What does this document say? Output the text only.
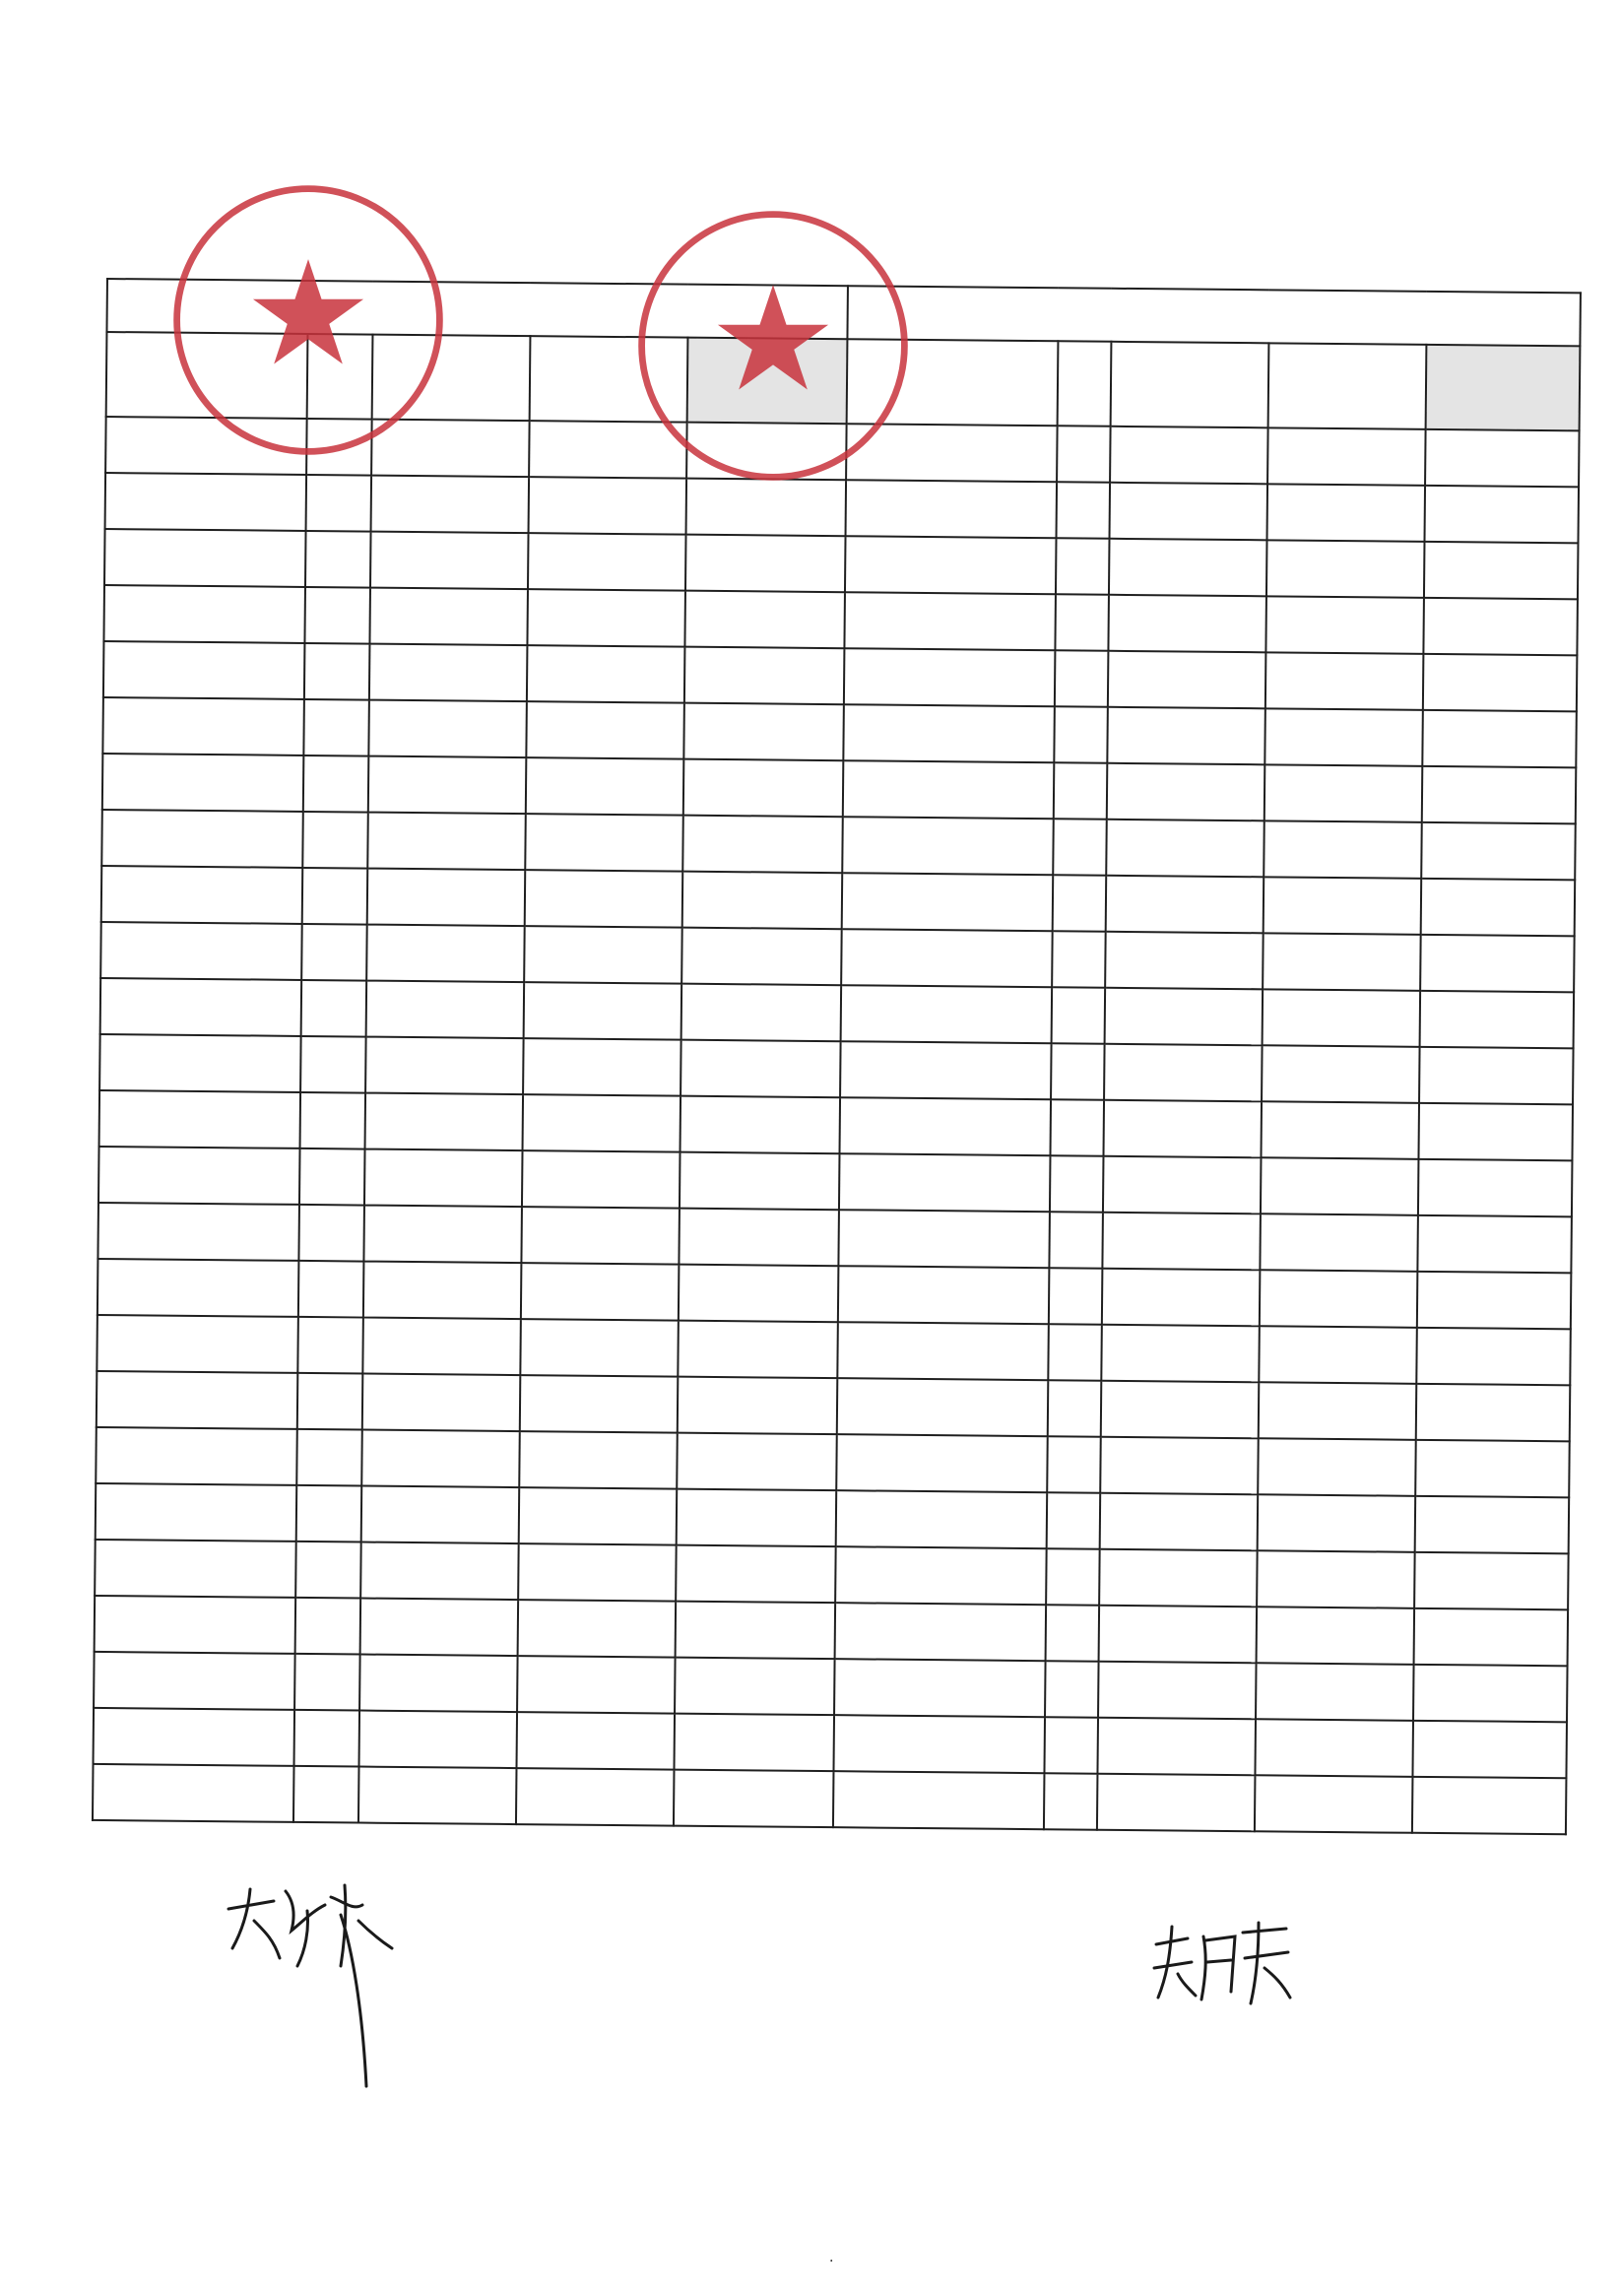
·
